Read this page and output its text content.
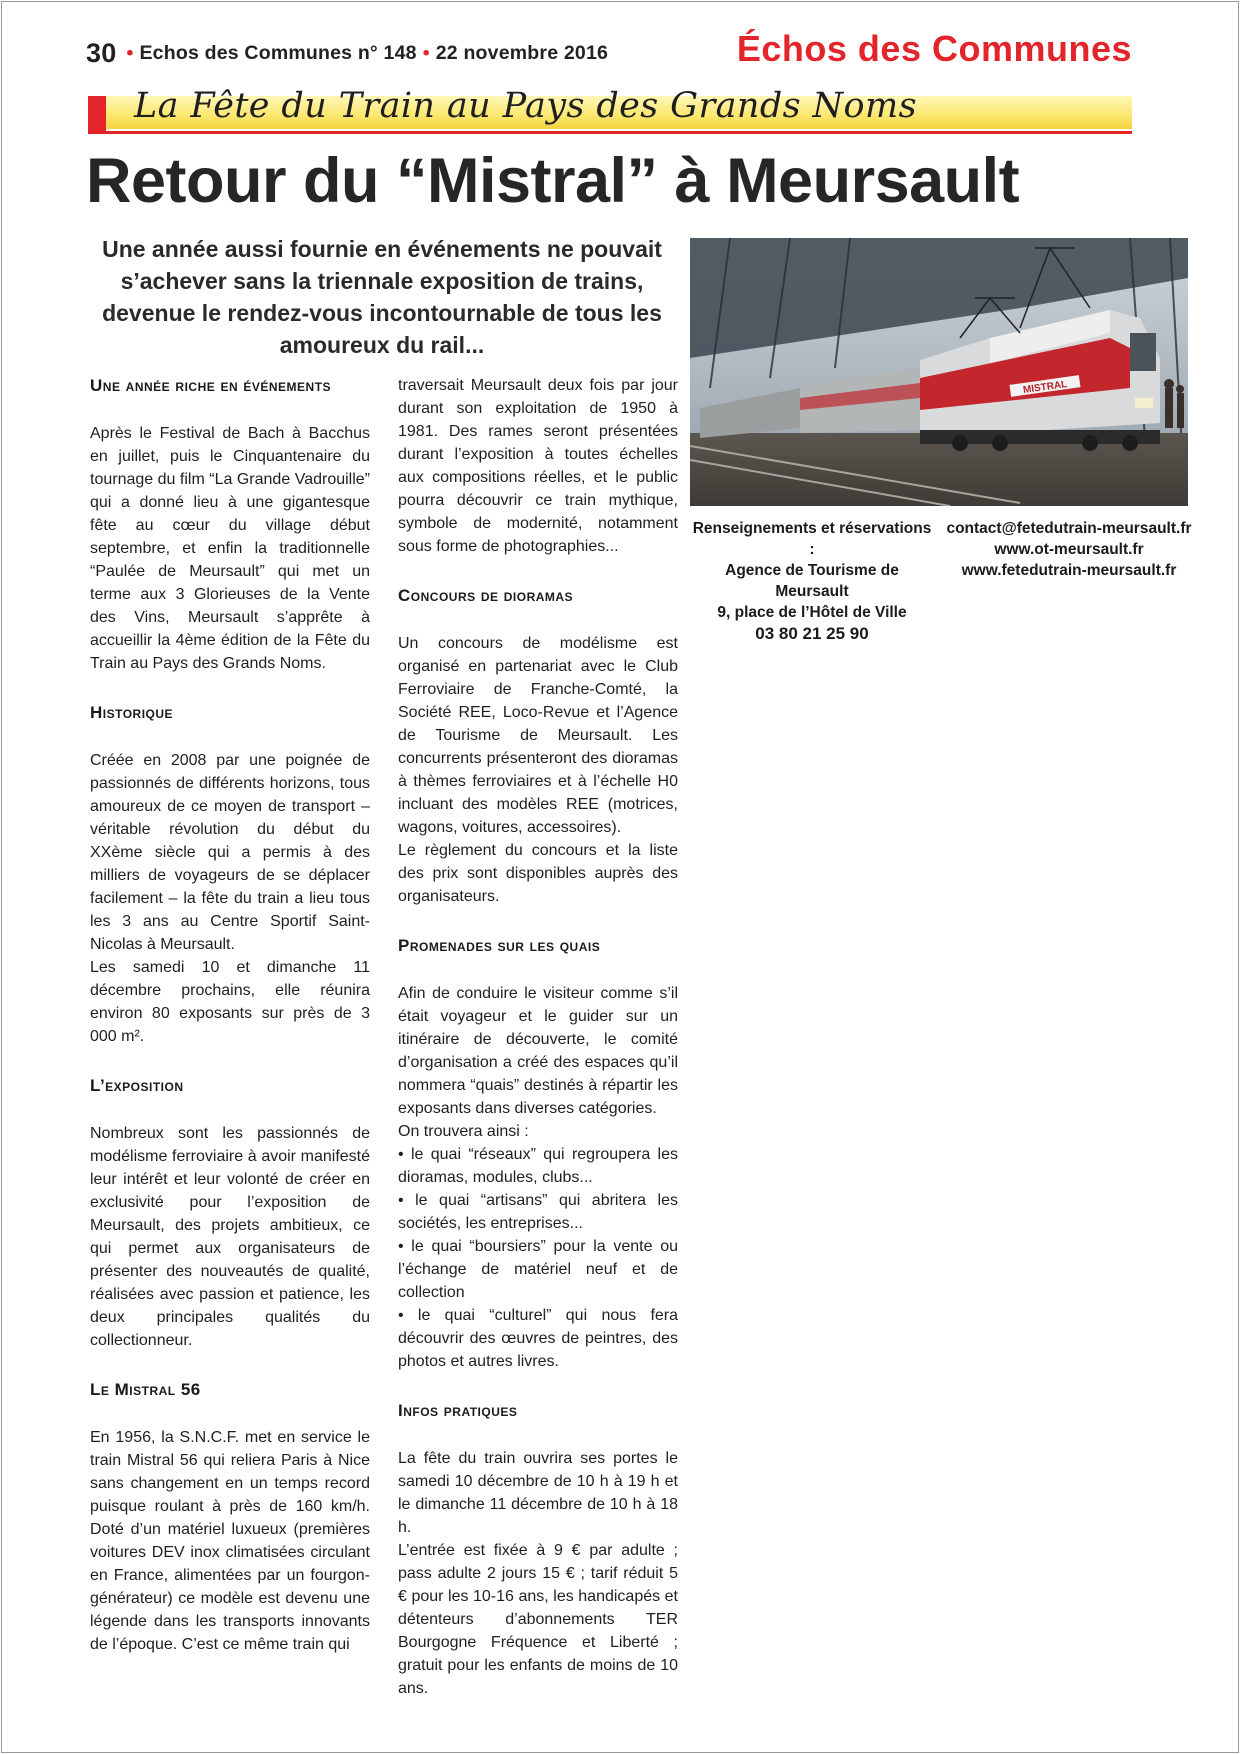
30 • Echos des Communes n° 148 • 22 novembre 2016	Échos des Communes
La Fête du Train au Pays des Grands Noms
Retour du “Mistral” à Meursault

Une année aussi fournie en événements ne pouvait s’achever sans la triennale exposition de trains, devenue le rendez-vous incontournable de tous les amoureux du rail...

Une année riche en événements

Après le Festival de Bach à Bacchus en juillet, puis le Cinquantenaire du tournage du film “La Grande Vadrouille” qui a donné lieu à une gigantesque fête au cœur du village début septembre, et enfin la traditionnelle “Paulée de Meursault” qui met un terme aux 3 Glorieuses de la Vente des Vins, Meursault s’apprête à accueillir la 4ème édition de la Fête du Train au Pays des Grands Noms.

Historique

Créée en 2008 par une poignée de passionnés de différents horizons, tous amoureux de ce moyen de transport – véritable révolution du début du XXème siècle qui a permis à des milliers de voyageurs de se déplacer facilement – la fête du train a lieu tous les 3 ans au Centre Sportif Saint-Nicolas à Meursault.

Les samedi 10 et dimanche 11 décembre prochains, elle réunira environ 80 exposants sur près de 3 000 m².

L’exposition

Nombreux sont les passionnés de modélisme ferroviaire à avoir manifesté leur intérêt et leur volonté de créer en exclusivité pour l’exposition de Meursault, des projets ambitieux, ce qui permet aux organisateurs de présenter des nouveautés de qualité, réalisées avec passion et patience, les deux principales qualités du collectionneur.

Le Mistral 56

En 1956, la S.N.C.F. met en service le train Mistral 56 qui reliera Paris à Nice sans changement en un temps record puisque roulant à près de 160 km/h. Doté d’un matériel luxueux (premières voitures DEV inox climatisées circulant en France, alimentées par un fourgon-générateur) ce modèle est devenu une légende dans les transports innovants de l’époque. C’est ce même train qui

traversait Meursault deux fois par jour durant son exploitation de 1950 à 1981. Des rames seront présentées durant l’exposition à toutes échelles aux compositions réelles, et le public pourra découvrir ce train mythique, symbole de modernité, notamment sous forme de photographies...

Concours de dioramas

Un concours de modélisme est organisé en partenariat avec le Club Ferroviaire de Franche-Comté, la Société REE, Loco-Revue et l’Agence de Tourisme de Meursault. Les concurrents présenteront des dioramas à thèmes ferroviaires et à l’échelle H0 incluant des modèles REE (motrices, wagons, voitures, accessoires).

Le règlement du concours et la liste des prix sont disponibles auprès des organisateurs.

Promenades sur les quais

Afin de conduire le visiteur comme s’il était voyageur et le guider sur un itinéraire de découverte, le comité d’organisation a créé des espaces qu’il nommera “quais” destinés à répartir les exposants dans diverses catégories.

On trouvera ainsi :

• le quai “réseaux” qui regroupera les dioramas, modules, clubs...
• le quai “artisans” qui abritera les sociétés, les entreprises...
• le quai “boursiers” pour la vente ou l’échange de matériel neuf et de collection
• le quai “culturel” qui nous fera découvrir des œuvres de peintres, des photos et autres livres.
Infos pratiques

La fête du train ouvrira ses portes le samedi 10 décembre de 10 h à 19 h et le dimanche 11 décembre de 10 h à 18 h.

L’entrée est fixée à 9 € par adulte ; pass adulte 2 jours 15 € ; tarif réduit 5 € pour les 10-16 ans, les handicapés et détenteurs d’abonnements TER Bourgogne Fréquence et Liberté ; gratuit pour les enfants de moins de 10 ans.

MISTRAL
Renseignements et réservations :
Agence de Tourisme de Meursault
9, place de l’Hôtel de Ville
03 80 21 25 90
contact@fetedutrain-meursault.fr
www.ot-meursault.fr
www.fetedutrain-meursault.fr
